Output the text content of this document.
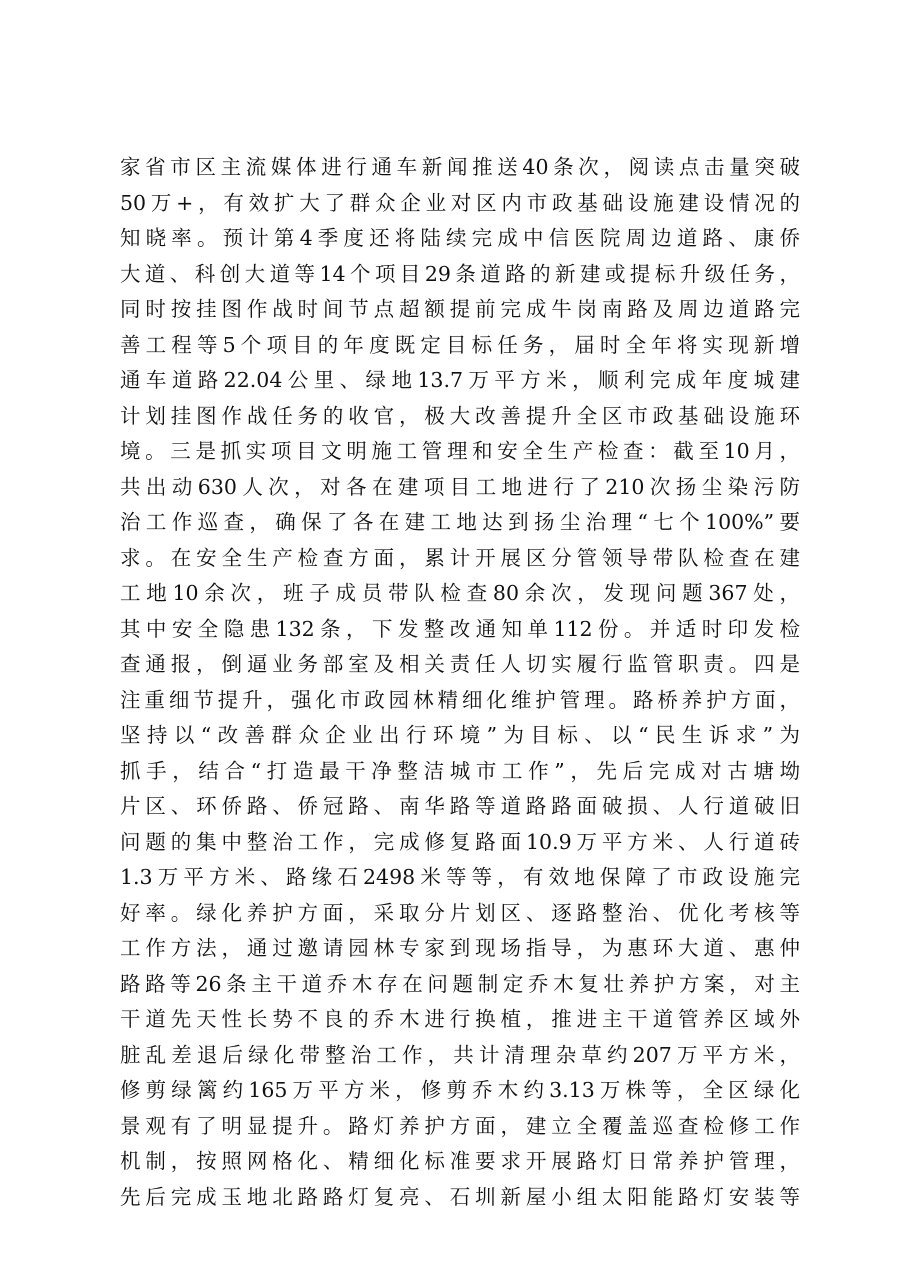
家省市区主流媒体进行通车新闻推送40条次，阅读点击量突破
50万+，有效扩大了群众企业对区内市政基础设施建设情况的
知晓率。预计第4季度还将陆续完成中信医院周边道路、康侨
大道、科创大道等14个项目29条道路的新建或提标升级任务，
同时按挂图作战时间节点超额提前完成牛岗南路及周边道路完
善工程等5个项目的年度既定目标任务，届时全年将实现新增
通车道路22.04公里、绿地13.7万平方米，顺利完成年度城建
计划挂图作战任务的收官，极大改善提升全区市政基础设施环
境。三是抓实项目文明施工管理和安全生产检查：截至10月，
共出动630人次，对各在建项目工地进行了210次扬尘染污防
治工作巡查，确保了各在建工地达到扬尘治理“七个100%”要
求。在安全生产检查方面，累计开展区分管领导带队检查在建
工地10余次，班子成员带队检查80余次，发现问题367处，
其中安全隐患132条，下发整改通知单112份。并适时印发检
查通报，倒逼业务部室及相关责任人切实履行监管职责。四是
注重细节提升，强化市政园林精细化维护管理。路桥养护方面，
坚持以“改善群众企业出行环境”为目标、以“民生诉求”为
抓手，结合“打造最干净整洁城市工作”，先后完成对古塘坳
片区、环侨路、侨冠路、南华路等道路路面破损、人行道破旧
问题的集中整治工作，完成修复路面10.9万平方米、人行道砖
1.3万平方米、路缘石2498米等等，有效地保障了市政设施完
好率。绿化养护方面，采取分片划区、逐路整治、优化考核等
工作方法，通过邀请园林专家到现场指导，为惠环大道、惠仲
路路等26条主干道乔木存在问题制定乔木复壮养护方案，对主
干道先天性长势不良的乔木进行换植，推进主干道管养区域外
脏乱差退后绿化带整治工作，共计清理杂草约207万平方米，
修剪绿篱约165万平方米，修剪乔木约3.13万株等，全区绿化
景观有了明显提升。路灯养护方面，建立全覆盖巡查检修工作
机制，按照网格化、精细化标准要求开展路灯日常养护管理，
先后完成玉地北路路灯复亮、石圳新屋小组太阳能路灯安装等
